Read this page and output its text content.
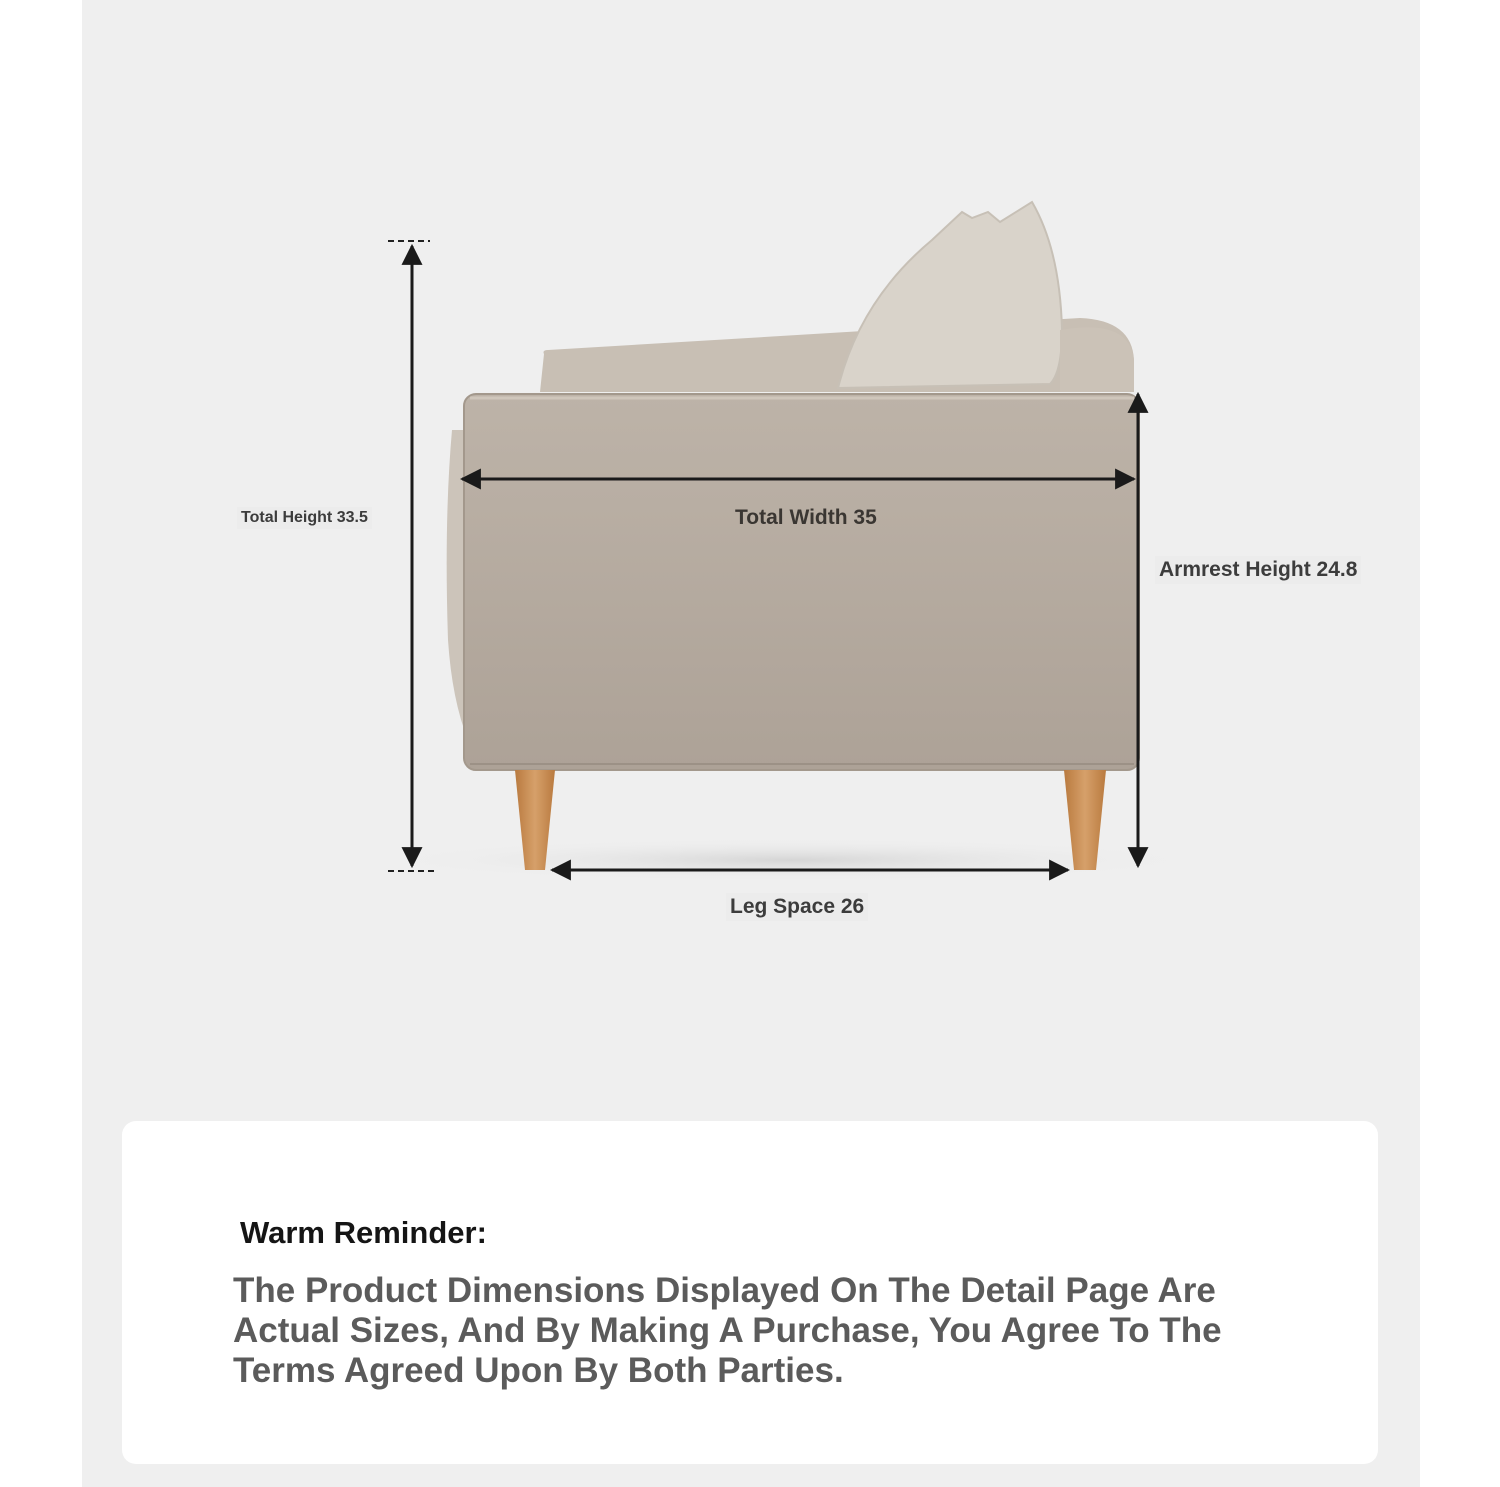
Total Height 33.5	Total Width 35
Armrest Height 24.8
Leg Space 26
Warm Reminder:
The Product Dimensions Displayed On The Detail Page Are Actual Sizes, And By Making A Purchase, You Agree To The Terms Agreed Upon By Both Parties.
